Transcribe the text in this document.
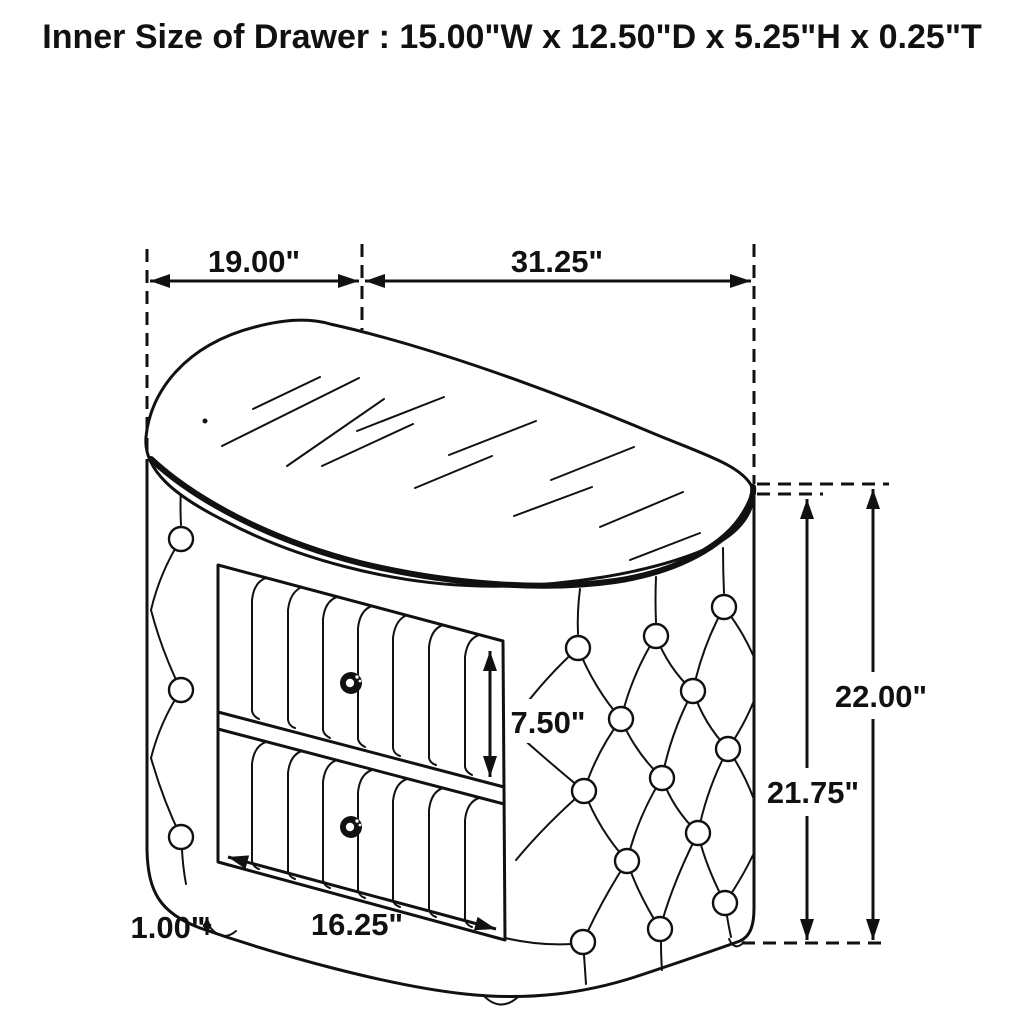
Inner Size of Drawer : 15.00"W x 12.50"D x 5.25"H x 0.25"T
19.00"	31.25"
21.75"
22.00"
7.50"
16.25"
1.00"
